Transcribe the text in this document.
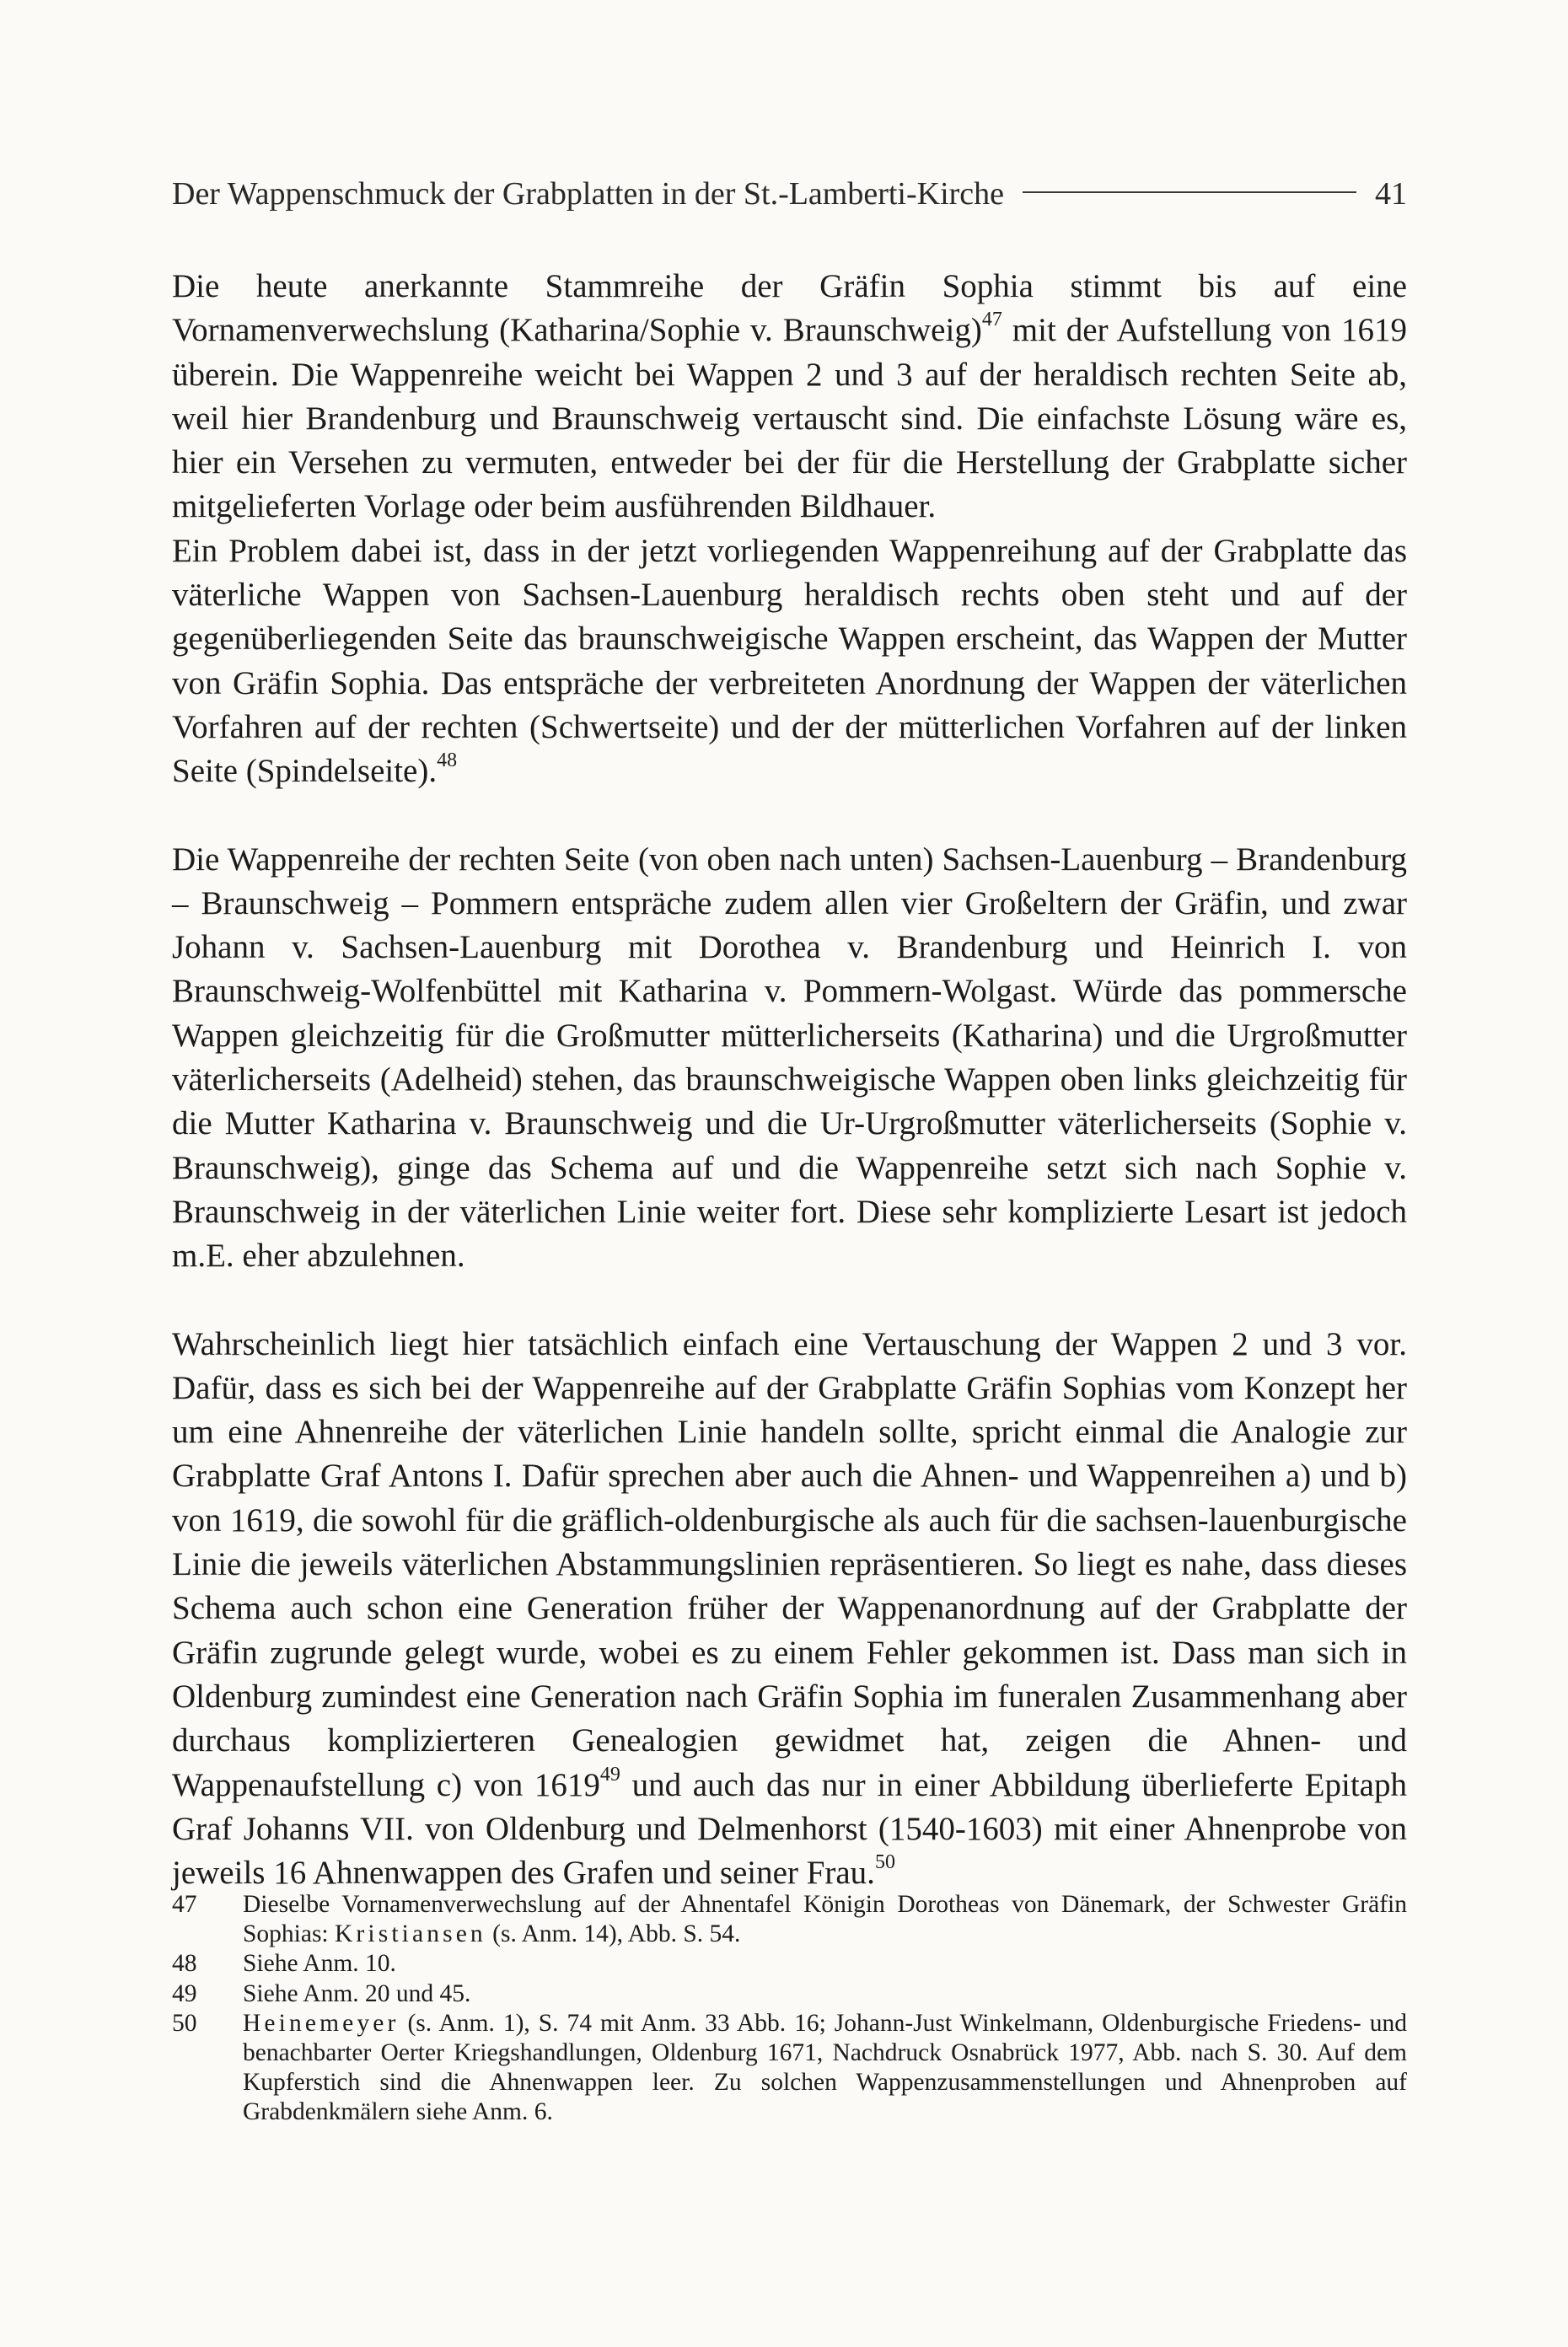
Der Wappenschmuck der Grabplatten in der St.-Lamberti-Kirche	41

Die heute anerkannte Stammreihe der Gräfin Sophia stimmt bis auf eine Vornamenverwechslung (Katharina/Sophie v. Braunschweig)$^{47}$ mit der Aufstellung von 1619 überein. Die Wappenreihe weicht bei Wappen 2 und 3 auf der heraldisch rechten Seite ab, weil hier Brandenburg und Braunschweig vertauscht sind. Die einfachste Lösung wäre es, hier ein Versehen zu vermuten, entweder bei der für die Herstellung der Grabplatte sicher mitgelieferten Vorlage oder beim ausführenden Bildhauer.

Ein Problem dabei ist, dass in der jetzt vorliegenden Wappenreihung auf der Grabplatte das väterliche Wappen von Sachsen-Lauenburg heraldisch rechts oben steht und auf der gegenüberliegenden Seite das braunschweigische Wappen erscheint, das Wappen der Mutter von Gräfin Sophia. Das entspräche der verbreiteten Anordnung der Wappen der väterlichen Vorfahren auf der rechten (Schwertseite) und der der mütterlichen Vorfahren auf der linken Seite (Spindelseite).$^{48}$

Die Wappenreihe der rechten Seite (von oben nach unten) Sachsen-Lauenburg – Brandenburg – Braunschweig – Pommern entspräche zudem allen vier Großeltern der Gräfin, und zwar Johann v. Sachsen-Lauenburg mit Dorothea v. Brandenburg und Heinrich I. von Braunschweig-Wolfenbüttel mit Katharina v. Pommern-Wolgast. Würde das pommersche Wappen gleichzeitig für die Großmutter mütterlicherseits (Katharina) und die Urgroßmutter väterlicherseits (Adelheid) stehen, das braunschweigische Wappen oben links gleichzeitig für die Mutter Katharina v. Braunschweig und die Ur-Urgroßmutter väterlicherseits (Sophie v. Braunschweig), ginge das Schema auf und die Wappenreihe setzt sich nach Sophie v. Braunschweig in der väterlichen Linie weiter fort. Diese sehr komplizierte Lesart ist jedoch m.E. eher abzulehnen.

Wahrscheinlich liegt hier tatsächlich einfach eine Vertauschung der Wappen 2 und 3 vor. Dafür, dass es sich bei der Wappenreihe auf der Grabplatte Gräfin Sophias vom Konzept her um eine Ahnenreihe der väterlichen Linie handeln sollte, spricht einmal die Analogie zur Grabplatte Graf Antons I. Dafür sprechen aber auch die Ahnen- und Wappenreihen a) und b) von 1619, die sowohl für die gräflich-oldenburgische als auch für die sachsen-lauenburgische Linie die jeweils väterlichen Abstammungslinien repräsentieren. So liegt es nahe, dass dieses Schema auch schon eine Generation früher der Wappenanordnung auf der Grabplatte der Gräfin zugrunde gelegt wurde, wobei es zu einem Fehler gekommen ist. Dass man sich in Oldenburg zumindest eine Generation nach Gräfin Sophia im funeralen Zusammenhang aber durchaus komplizierteren Genealogien gewidmet hat, zeigen die Ahnen- und Wappenaufstellung c) von 1619$^{49}$ und auch das nur in einer Abbildung überlieferte Epitaph Graf Johanns VII. von Oldenburg und Delmenhorst (1540-1603) mit einer Ahnenprobe von jeweils 16 Ahnenwappen des Grafen und seiner Frau.$^{50}$

47	Dieselbe Vornamenverwechslung auf der Ahnentafel Königin Dorotheas von Dänemark, der Schwester Gräfin Sophias: Kristiansen (s. Anm. 14), Abb. S. 54.
48	Siehe Anm. 10.
49	Siehe Anm. 20 und 45.
50	Heinemeyer (s. Anm. 1), S. 74 mit Anm. 33 Abb. 16; Johann-Just Winkelmann, Oldenburgische Friedens- und benachbarter Oerter Kriegshandlungen, Oldenburg 1671, Nachdruck Osnabrück 1977, Abb. nach S. 30. Auf dem Kupferstich sind die Ahnenwappen leer. Zu solchen Wappenzusammenstellungen und Ahnenproben auf Grabdenkmälern siehe Anm. 6.
